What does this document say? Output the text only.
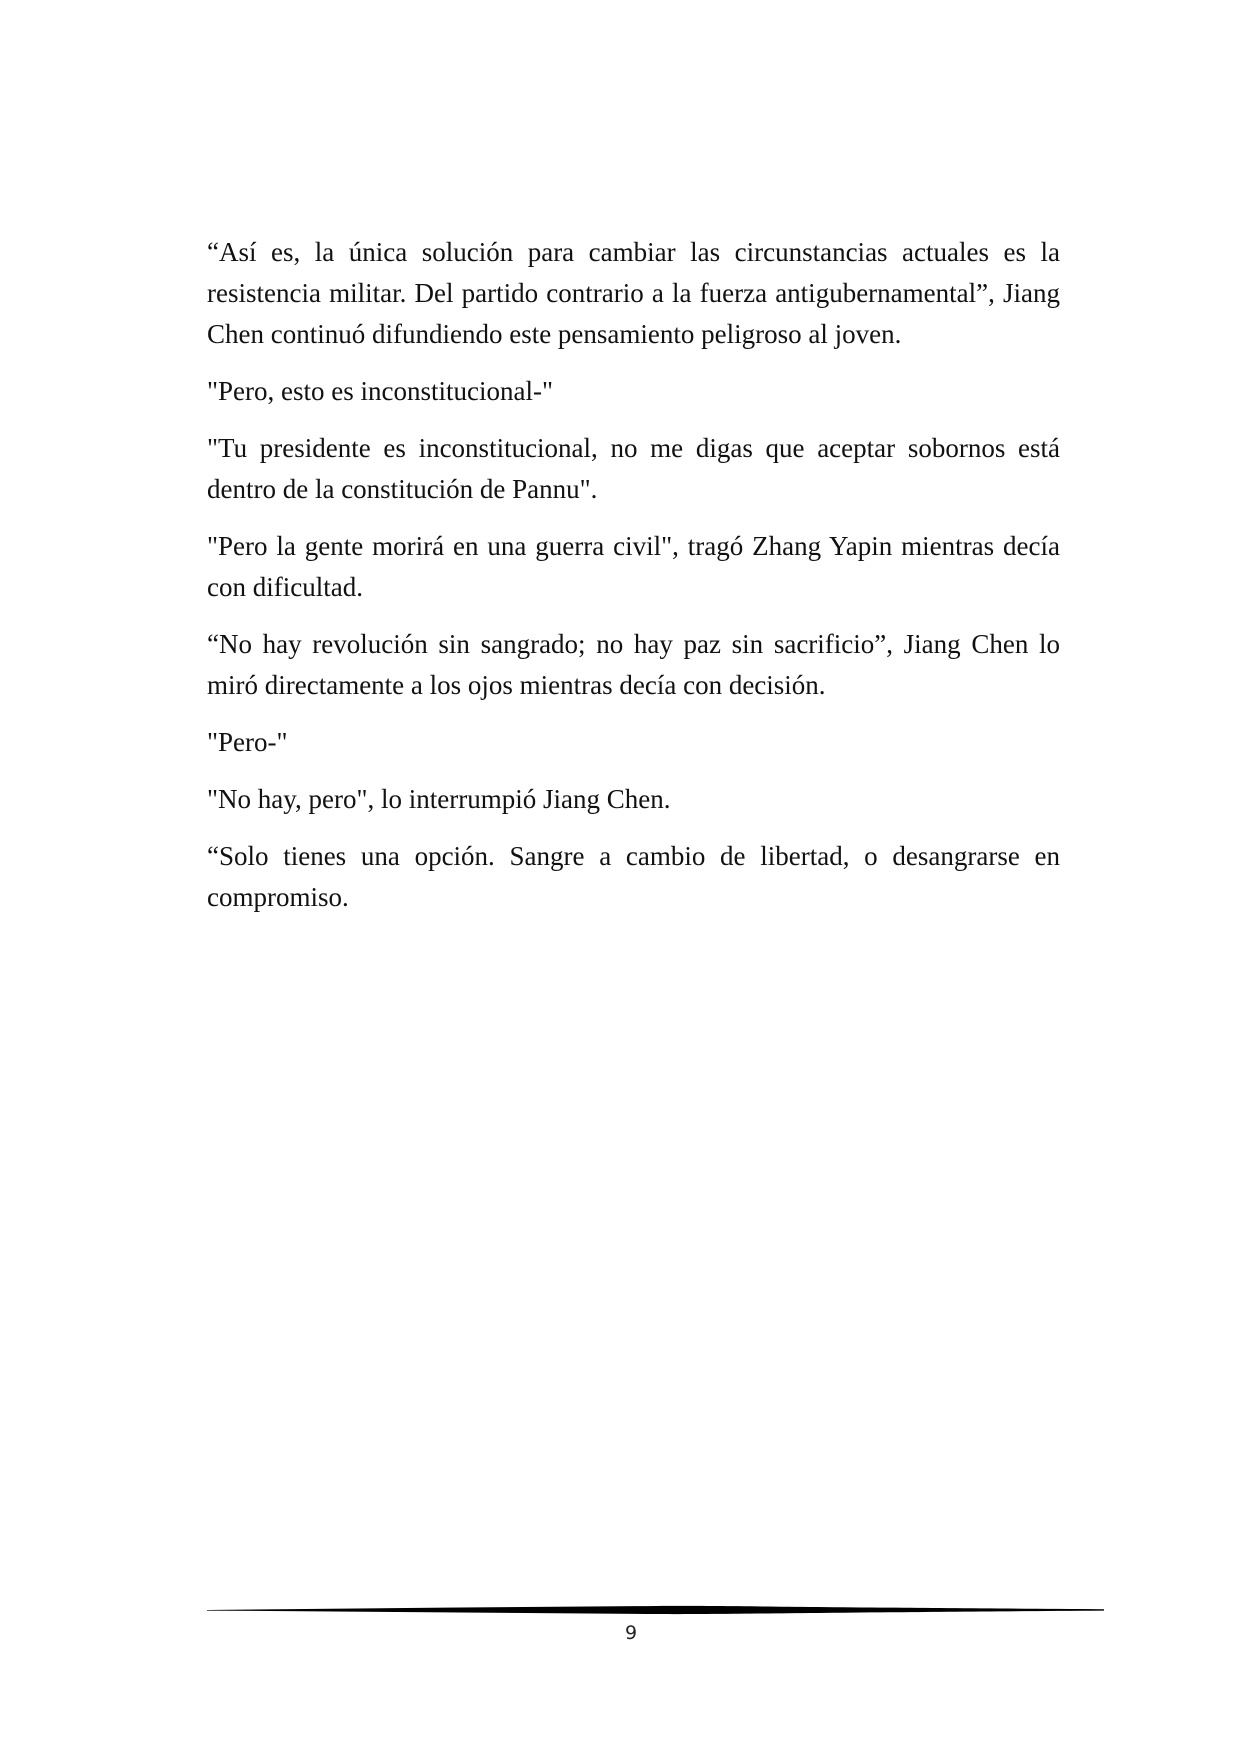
“Así es, la única solución para cambiar las circunstancias actuales es la resistencia militar. Del partido contrario a la fuerza antigubernamental”, Jiang Chen continuó difundiendo este pensamiento peligroso al joven.

"Pero, esto es inconstitucional-"

"Tu presidente es inconstitucional, no me digas que aceptar sobornos está dentro de la constitución de Pannu".

"Pero la gente morirá en una guerra civil", tragó Zhang Yapin mientras decía con dificultad.

“No hay revolución sin sangrado; no hay paz sin sacrificio”, Jiang Chen lo miró directamente a los ojos mientras decía con decisión.

"Pero-"

"No hay, pero", lo interrumpió Jiang Chen.

“Solo tienes una opción. Sangre a cambio de libertad, o desangrarse en compromiso.

9
